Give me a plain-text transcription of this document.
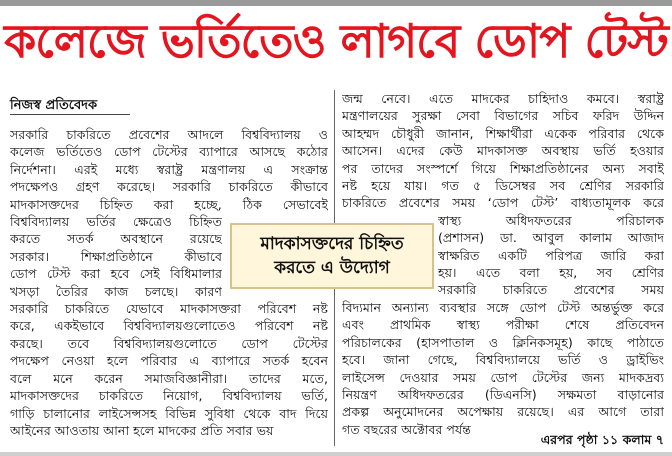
কলেজে ভর্তিতেও লাগবে ডোপ টেস্ট
নিজস্ব প্রতিবেদক
সরকারি চাকরিতে প্রবেশের আদলে বিশ্ববিদ্যালয় ও
কলেজ ভর্তিতেও ডোপ টেস্টের ব্যাপারে আসছে কঠোর
নির্দেশনা। এরই মধ্যে স্বরাষ্ট্র মন্ত্রণালয় এ সংক্রান্ত
পদক্ষেপও গ্রহণ করেছে। সরকারি চাকরিতে কীভাবে
মাদকাসক্তদের চিহ্নিত করা হচ্ছে, ঠিক সেভাবেই
বিশ্ববিদ্যালয় ভর্তির ক্ষেত্রেও চিহ্নিত
করতে সতর্ক অবস্থানে রয়েছে
সরকার। শিক্ষাপ্রতিষ্ঠানে কীভাবে
ডোপ টেস্ট করা হবে সেই বিধিমালার
খসড়া তৈরির কাজ চলছে। কারণ
সরকারি চাকরিতে যেভাবে মাদকাসক্তরা পরিবেশ নষ্ট
করে, একইভাবে বিশ্ববিদ্যালয়গুলোতেও পরিবেশ নষ্ট
করছে। তবে বিশ্ববিদ্যালয়গুলোতে ডোপ টেস্টের
পদক্ষেপ নেওয়া হলে পরিবার এ ব্যাপারে সতর্ক হবেন
বলে মনে করেন সমাজবিজ্ঞানীরা। তাদের মতে,
মাদকাসক্তদের চাকরিতে নিয়োগ, বিশ্ববিদ্যালয় ভর্তি,
গাড়ি চালানোর লাইসেন্সসহ বিভিন্ন সুবিধা থেকে বাদ দিয়ে
আইনের আওতায় আনা হলে মাদকের প্রতি সবার ভয়
জন্ম নেবে। এতে মাদকের চাহিদাও কমবে। স্বরাষ্ট্র
মন্ত্রণালয়ের সুরক্ষা সেবা বিভাগের সচিব ফরিদ উদ্দিন
আহম্মদ চৌধুরী জানান, শিক্ষার্থীরা একেক পরিবার থেকে
আসেন। এদের কেউ মাদকাসক্ত অবস্থায় ভর্তি হওয়ার
পর তাদের সংস্পর্শে গিয়ে শিক্ষাপ্রতিষ্ঠানের অন্য সবাই
নষ্ট হয়ে যায়। গত ৫ ডিসেম্বর সব শ্রেণির সরকারি
চাকরিতে প্রবেশের সময় ‘ডোপ টেস্ট’ বাধ্যতামূলক করে
স্বাস্থ্য অধিদফতরের পরিচালক
(প্রশাসন) ডা. আবুল কালাম আজাদ
স্বাক্ষরিত একটি পরিপত্র জারি করা
হয়। এতে বলা হয়, সব শ্রেণির
সরকারি চাকরিতে প্রবেশের সময়
বিদ্যমান অন্যান্য ব্যবস্থার সঙ্গে ডোপ টেস্ট অন্তর্ভুক্ত করে
এবং প্রাথমিক স্বাস্থ্য পরীক্ষা শেষে প্রতিবেদন
পরিচালকের (হাসপাতাল ও ক্লিনিকসমূহ) কাছে পাঠাতে
হবে। জানা গেছে, বিশ্ববিদ্যালয়ে ভর্তি ও ড্রাইভিং
লাইসেন্স দেওয়ার সময় ডোপ টেস্টের জন্য মাদকদ্রব্য
নিয়ন্ত্রণ অধিদফতরের (ডিএনসি) সক্ষমতা বাড়ানোর
প্রকল্প অনুমোদনের অপেক্ষায় রয়েছে। এর আগে তারা
গত বছরের অক্টোবর পর্যন্ত
মাদকাসক্তদের চিহ্নিত
করতে এ উদ্যোগ
এরপর পৃষ্ঠা ১১ কলাম ৭
